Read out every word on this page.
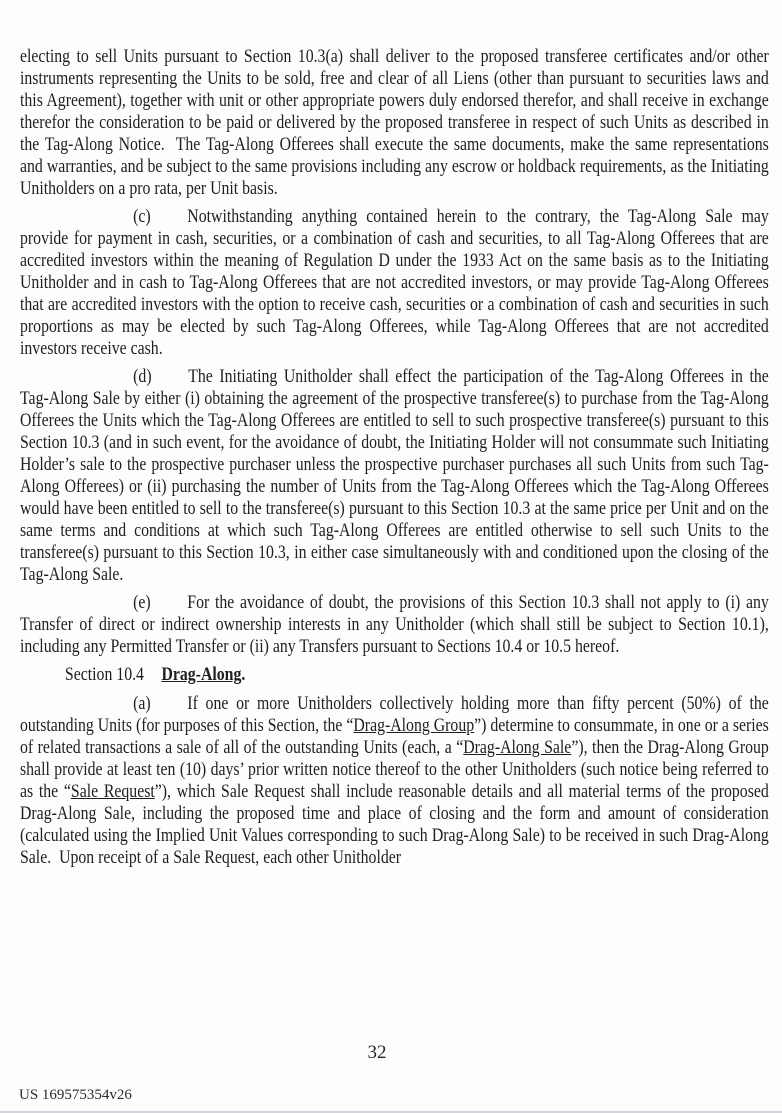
electing to sell Units pursuant to Section 10.3(a) shall deliver to the proposed transferee certificates and/or other instruments representing the Units to be sold, free and clear of all Liens (other than pursuant to securities laws and this Agreement), together with unit or other appropriate powers duly endorsed therefor, and shall receive in exchange therefor the consideration to be paid or delivered by the proposed transferee in respect of such Units as described in the Tag-Along Notice.  The Tag-Along Offerees shall execute the same documents, make the same representations and warranties, and be subject to the same provisions including any escrow or holdback requirements, as the Initiating Unitholders on a pro rata, per Unit basis.

(c) Notwithstanding anything contained herein to the contrary, the Tag-Along Sale may provide for payment in cash, securities, or a combination of cash and securities, to all Tag-Along Offerees that are accredited investors within the meaning of Regulation D under the 1933 Act on the same basis as to the Initiating Unitholder and in cash to Tag-Along Offerees that are not accredited investors, or may provide Tag-Along Offerees that are accredited investors with the option to receive cash, securities or a combination of cash and securities in such proportions as may be elected by such Tag-Along Offerees, while Tag-Along Offerees that are not accredited investors receive cash.

(d) The Initiating Unitholder shall effect the participation of the Tag-Along Offerees in the Tag-Along Sale by either (i) obtaining the agreement of the prospective transferee(s) to purchase from the Tag-Along Offerees the Units which the Tag-Along Offerees are entitled to sell to such prospective transferee(s) pursuant to this Section 10.3 (and in such event, for the avoidance of doubt, the Initiating Holder will not consummate such Initiating Holder’s sale to the prospective purchaser unless the prospective purchaser purchases all such Units from such Tag-Along Offerees) or (ii) purchasing the number of Units from the Tag-Along Offerees which the Tag-Along Offerees would have been entitled to sell to the transferee(s) pursuant to this Section 10.3 at the same price per Unit and on the same terms and conditions at which such Tag-Along Offerees are entitled otherwise to sell such Units to the transferee(s) pursuant to this Section 10.3, in either case simultaneously with and conditioned upon the closing of the Tag-Along Sale.

(e) For the avoidance of doubt, the provisions of this Section 10.3 shall not apply to (i) any Transfer of direct or indirect ownership interests in any Unitholder (which shall still be subject to Section 10.1), including any Permitted Transfer or (ii) any Transfers pursuant to Sections 10.4 or 10.5 hereof.

Section 10.4 Drag-Along.

(a) If one or more Unitholders collectively holding more than fifty percent (50%) of the outstanding Units (for purposes of this Section, the “Drag-Along Group”) determine to consummate, in one or a series of related transactions a sale of all of the outstanding Units (each, a “Drag-Along Sale”), then the Drag-Along Group shall provide at least ten (10) days’ prior written notice thereof to the other Unitholders (such notice being referred to as the “Sale Request”), which Sale Request shall include reasonable details and all material terms of the proposed Drag-Along Sale, including the proposed time and place of closing and the form and amount of consideration (calculated using the Implied Unit Values corresponding to such Drag-Along Sale) to be received in such Drag-Along Sale.  Upon receipt of a Sale Request, each other Unitholder

32
US 169575354v26
